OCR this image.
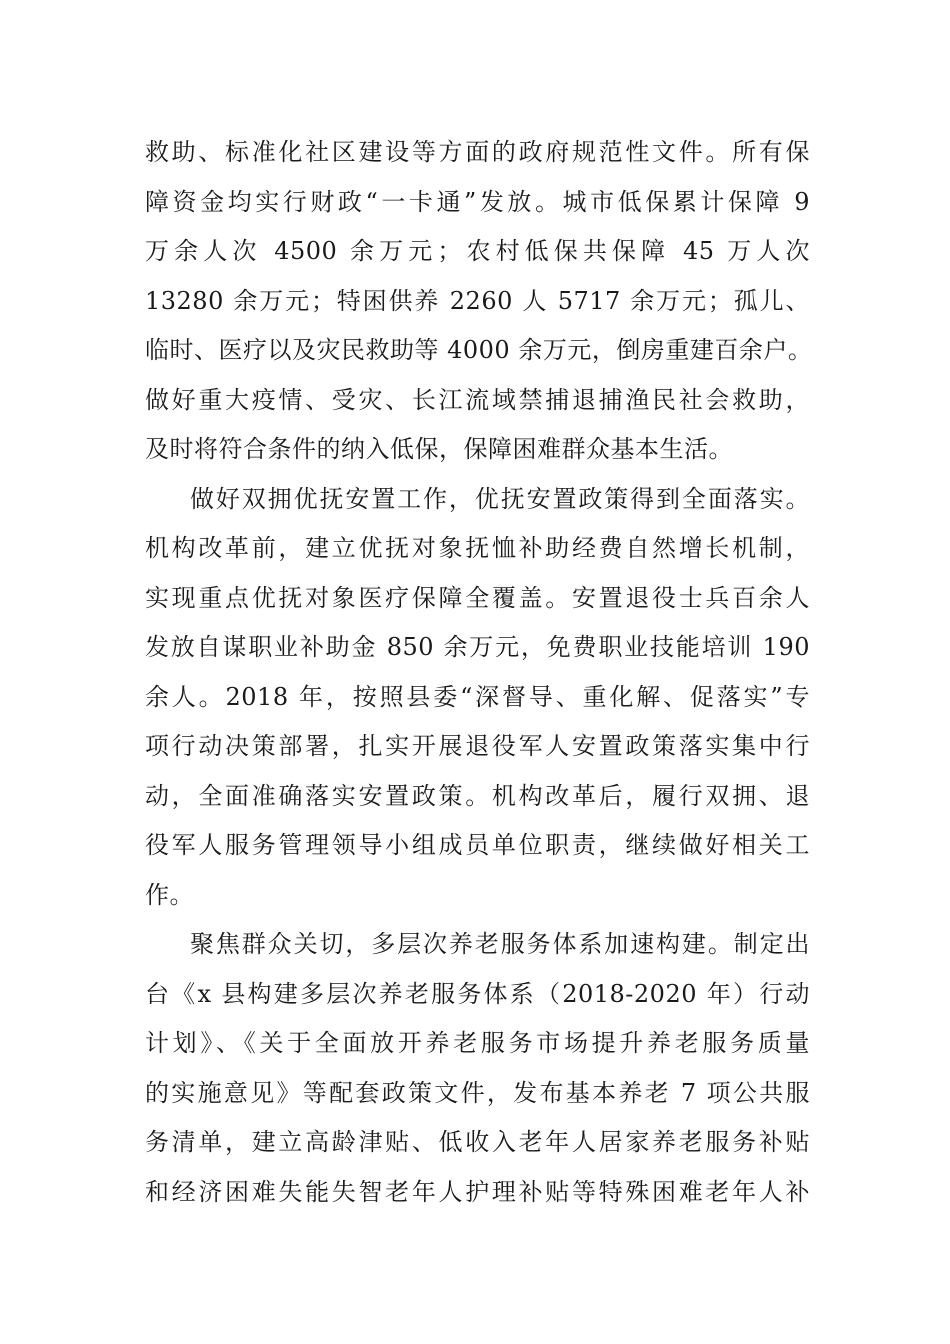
救助、标准化社区建设等方面的政府规范性文件。所有保
障资金均实行财政“一卡通”发放。城市低保累计保障 9
万余人次 4500 余万元；农村低保共保障 45 万人次
13280 余万元；特困供养 2260 人 5717 余万元；孤儿、
临时、医疗以及灾民救助等 4000 余万元，倒房重建百余户。
做好重大疫情、受灾、长江流域禁捕退捕渔民社会救助，
及时将符合条件的纳入低保，保障困难群众基本生活。
做好双拥优抚安置工作，优抚安置政策得到全面落实。
机构改革前，建立优抚对象抚恤补助经费自然增长机制，
实现重点优抚对象医疗保障全覆盖。安置退役士兵百余人
发放自谋职业补助金 850 余万元，免费职业技能培训 190
余人。2018 年，按照县委“深督导、重化解、促落实”专
项行动决策部署，扎实开展退役军人安置政策落实集中行
动，全面准确落实安置政策。机构改革后，履行双拥、退
役军人服务管理领导小组成员单位职责，继续做好相关工
作。
聚焦群众关切，多层次养老服务体系加速构建。制定出
台《x 县构建多层次养老服务体系（2018-2020 年）行动
计划》、《关于全面放开养老服务市场提升养老服务质量
的实施意见》等配套政策文件，发布基本养老 7 项公共服
务清单，建立高龄津贴、低收入老年人居家养老服务补贴
和经济困难失能失智老年人护理补贴等特殊困难老年人补
